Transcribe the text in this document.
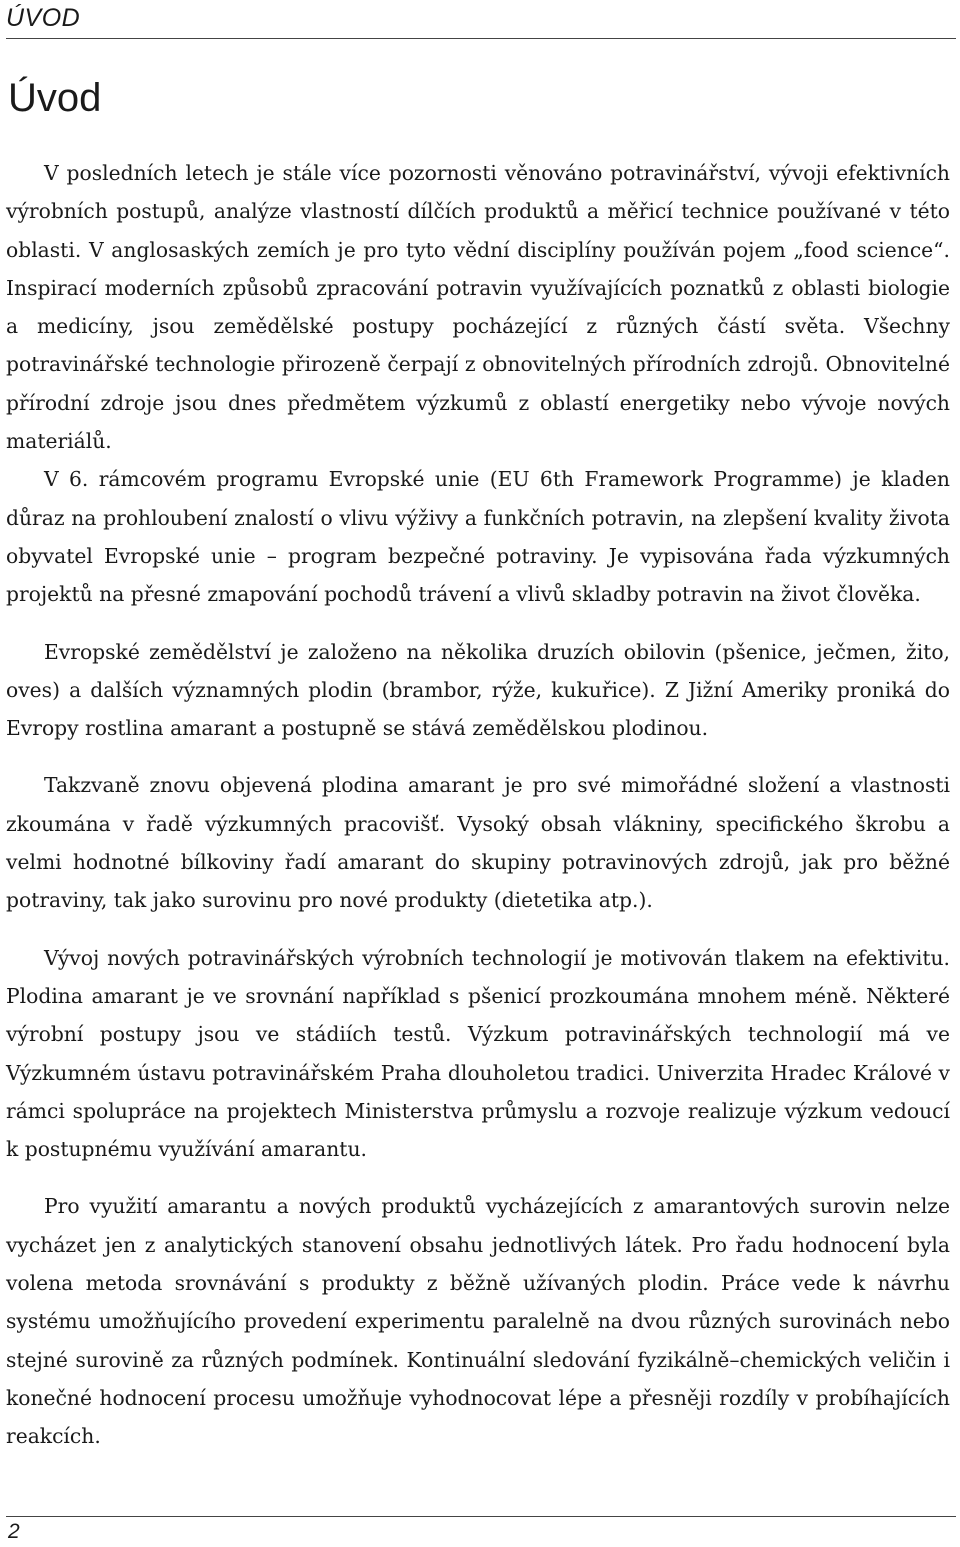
ÚVOD
Úvod

V posledních letech je stále více pozornosti věnováno potravinářství, vývoji efektivních výrobních postupů, analýze vlastností dílčích produktů a měřicí technice používané v této oblasti. V anglosaských zemích je pro tyto vědní disciplíny používán pojem „food science“. Inspirací moderních způsobů zpracování potravin využívajících poznatků z oblasti biologie a medicíny, jsou zemědělské postupy pocházející z různých částí světa. Všechny potravinářské technologie přirozeně čerpají z obnovitelných přírodních zdrojů. Obnovitelné přírodní zdroje jsou dnes předmětem výzkumů z oblastí energetiky nebo vývoje nových materiálů.

V 6. rámcovém programu Evropské unie (EU 6th Framework Programme) je kladen důraz na prohloubení znalostí o vlivu výživy a funkčních potravin, na zlepšení kvality života obyvatel Evropské unie – program bezpečné potraviny. Je vypisována řada výzkumných projektů na přesné zmapování pochodů trávení a vlivů skladby potravin na život člověka.

Evropské zemědělství je založeno na několika druzích obilovin (pšenice, ječmen, žito, oves) a dalších významných plodin (brambor, rýže, kukuřice). Z Jižní Ameriky proniká do Evropy rostlina amarant a postupně se stává zemědělskou plodinou.

Takzvaně znovu objevená plodina amarant je pro své mimořádné složení a vlastnosti zkoumána v řadě výzkumných pracovišť. Vysoký obsah vlákniny, specifického škrobu a velmi hodnotné bílkoviny řadí amarant do skupiny potravinových zdrojů, jak pro běžné potraviny, tak jako surovinu pro nové produkty (dietetika atp.).

Vývoj nových potravinářských výrobních technologií je motivován tlakem na efektivitu. Plodina amarant je ve srovnání například s pšenicí prozkoumána mnohem méně. Některé výrobní postupy jsou ve stádiích testů. Výzkum potravinářských technologií má ve Výzkumném ústavu potravinářském Praha dlouholetou tradici. Univerzita Hradec Králové v rámci spolupráce na projektech Ministerstva průmyslu a rozvoje realizuje výzkum vedoucí k postupnému využívání amarantu.

Pro využití amarantu a nových produktů vycházejících z amarantových surovin nelze vycházet jen z analytických stanovení obsahu jednotlivých látek. Pro řadu hodnocení byla volena metoda srovnávání s produkty z běžně užívaných plodin. Práce vede k návrhu systému umožňujícího provedení experimentu paralelně na dvou různých surovinách nebo stejné surovině za různých podmínek. Kontinuální sledování fyzikálně–chemických veličin i konečné hodnocení procesu umožňuje vyhodnocovat lépe a přesněji rozdíly v probíhajících reakcích.

2
